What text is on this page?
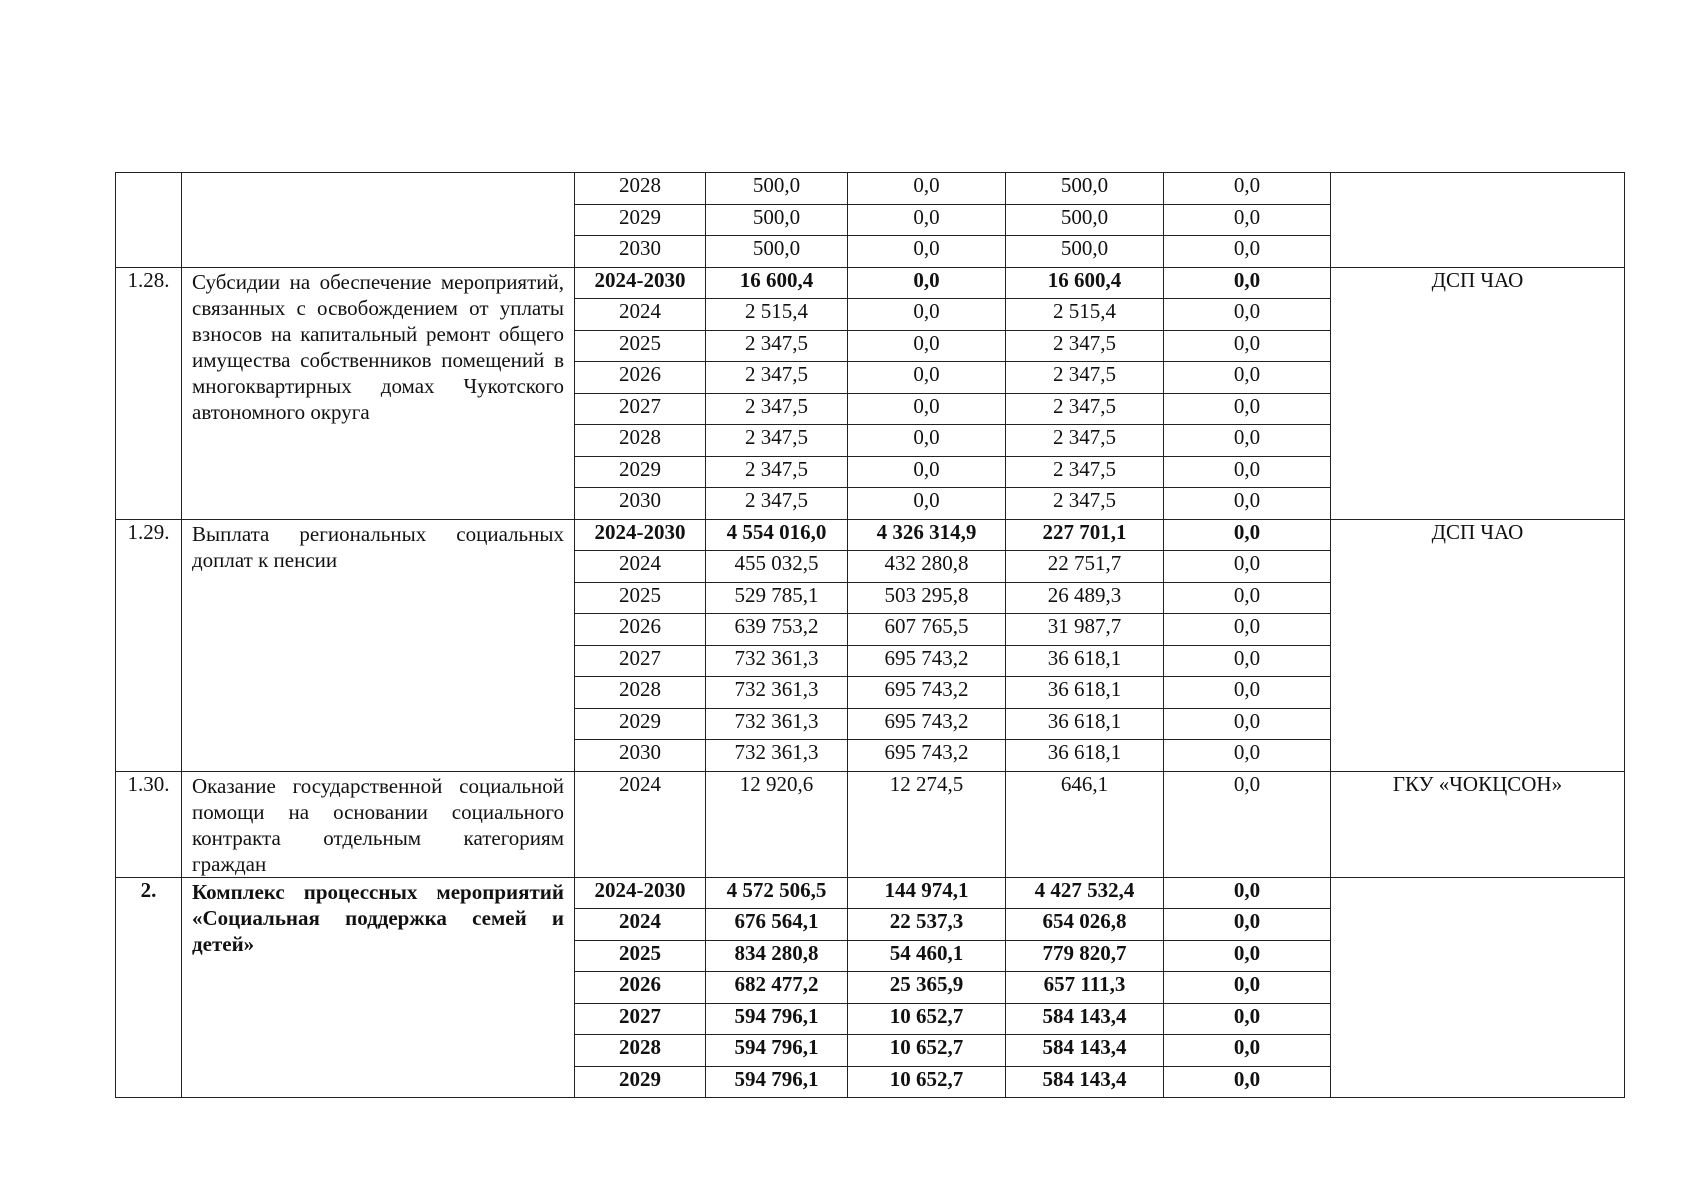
		2028	500,0	0,0	500,0	0,0	
		2029	500,0	0,0	500,0	0,0	
		2030	500,0	0,0	500,0	0,0	
1.28.	Субсидии на обеспечение мероприятий, связанных с освобождением от уплаты взносов на капитальный ремонт общего имущества собственников помещений в многоквартирных домах Чукотского автономного округа	2024-2030	16 600,4	0,0	16 600,4	0,0	ДСП ЧАО
		2024	2 515,4	0,0	2 515,4	0,0	
		2025	2 347,5	0,0	2 347,5	0,0	
		2026	2 347,5	0,0	2 347,5	0,0	
		2027	2 347,5	0,0	2 347,5	0,0	
		2028	2 347,5	0,0	2 347,5	0,0	
		2029	2 347,5	0,0	2 347,5	0,0	
		2030	2 347,5	0,0	2 347,5	0,0	
1.29.	Выплата региональных социальных доплат к пенсии	2024-2030	4 554 016,0	4 326 314,9	227 701,1	0,0	ДСП ЧАО
		2024	455 032,5	432 280,8	22 751,7	0,0	
		2025	529 785,1	503 295,8	26 489,3	0,0	
		2026	639 753,2	607 765,5	31 987,7	0,0	
		2027	732 361,3	695 743,2	36 618,1	0,0	
		2028	732 361,3	695 743,2	36 618,1	0,0	
		2029	732 361,3	695 743,2	36 618,1	0,0	
		2030	732 361,3	695 743,2	36 618,1	0,0	
1.30.	Оказание государственной социальной помощи на основании социального контракта отдельным категориям граждан	2024	12 920,6	12 274,5	646,1	0,0	ГКУ «ЧОКЦСОН»
2.	Комплекс процессных мероприятий «Социальная поддержка семей и детей»	2024-2030	4 572 506,5	144 974,1	4 427 532,4	0,0	
		2024	676 564,1	22 537,3	654 026,8	0,0	
		2025	834 280,8	54 460,1	779 820,7	0,0	
		2026	682 477,2	25 365,9	657 111,3	0,0	
		2027	594 796,1	10 652,7	584 143,4	0,0	
		2028	594 796,1	10 652,7	584 143,4	0,0	
		2029	594 796,1	10 652,7	584 143,4	0,0	
